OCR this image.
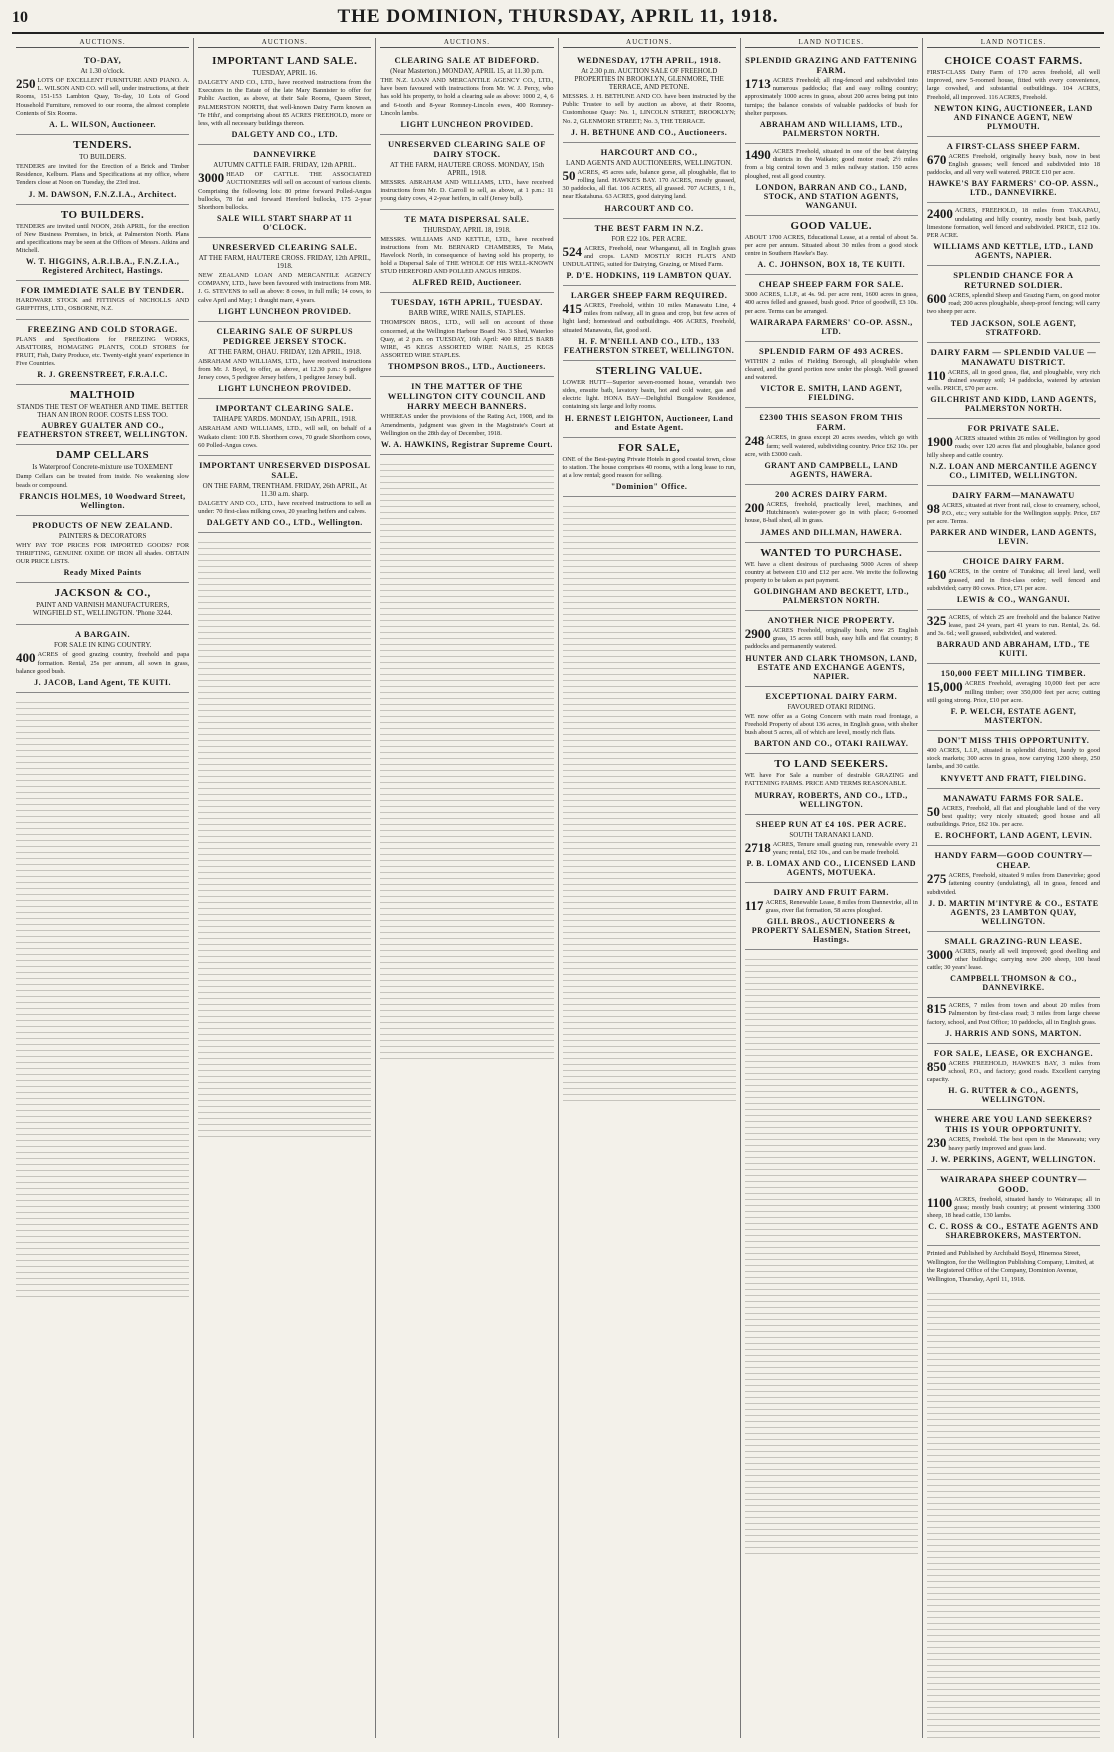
10	THE DOMINION, THURSDAY, APRIL 11, 1918.
AUCTIONS.
TO-DAY,
At 1.30 o'clock.

250 LOTS OF EXCELLENT FURNITURE AND PIANO. A. L. WILSON AND CO. will sell, under instructions, at their Rooms, 151-153 Lambton Quay, To-day, 10 Lots of Good Household Furniture, removed to our rooms, the almost complete Contents of Six Rooms.

A. L. WILSON, Auctioneer.
TENDERS.
TO BUILDERS.

TENDERS are invited for the Erection of a Brick and Timber Residence, Kelburn. Plans and Specifications at my office, where Tenders close at Noon on Tuesday, the 23rd inst.

J. M. DAWSON, F.N.Z.I.A., Architect.
TO BUILDERS.

TENDERS are invited until NOON, 26th APRIL, for the erection of New Business Premises, in brick, at Palmerston North. Plans and specifications may be seen at the Offices of Messrs. Atkins and Mitchell.

W. T. HIGGINS, A.R.I.B.A., F.N.Z.I.A., Registered Architect, Hastings.
FOR IMMEDIATE SALE BY TENDER.

HARDWARE STOCK and FITTINGS of NICHOLLS AND GRIFFITHS, LTD., OSBORNE, N.Z.

FREEZING AND COLD STORAGE.

PLANS and Specifications for FREEZING WORKS, ABATTOIRS, HOMAGING PLANTS, COLD STORES for FRUIT, Fish, Dairy Produce, etc. Twenty-eight years' experience in Five Countries.

R. J. GREENSTREET, F.R.A.I.C.
MALTHOID
STANDS THE TEST OF WEATHER AND TIME. BETTER THAN AN IRON ROOF. COSTS LESS TOO.
AUBREY GUALTER AND CO., FEATHERSTON STREET, WELLINGTON.
DAMP CELLARS
Is Waterproof Concrete-mixture use TOXEMENT

Damp Cellars can be treated from inside. No weakening slow beads or compound.

FRANCIS HOLMES, 10 Woodward Street, Wellington.
PRODUCTS OF NEW ZEALAND.
PAINTERS & DECORATORS

WHY PAY TOP PRICES FOR IMPORTED GOODS? FOR THRIFTING, GENUINE OXIDE OF IRON all shades. OBTAIN OUR PRICE LISTS.

Ready Mixed Paints
JACKSON & CO.,
PAINT AND VARNISH MANUFACTURERS, WINGFIELD ST., WELLINGTON. 'Phone 3244.
A BARGAIN.
FOR SALE IN KING COUNTRY.

400 ACRES of good grazing country, freehold and papa formation. Rental, 25s per annum, all sown in grass, balance good bush.

J. JACOB, Land Agent, TE KUITI.
AUCTIONS.
IMPORTANT LAND SALE.
TUESDAY, APRIL 16.

DALGETY AND CO., LTD., have received instructions from the Executors in the Estate of the late Mary Bannister to offer for Public Auction, as above, at their Sale Rooms, Queen Street, PALMERSTON NORTH, that well-known Dairy Farm known as 'Te Hihi', and comprising about 85 ACRES FREEHOLD, more or less, with all necessary buildings thereon.

DALGETY AND CO., LTD.
DANNEVIRKE
AUTUMN CATTLE FAIR. FRIDAY, 12th APRIL.

3000 HEAD OF CATTLE. THE ASSOCIATED AUCTIONEERS will sell on account of various clients. Comprising the following lots: 80 prime forward Polled-Angus bullocks, 78 fat and forward Hereford bullocks, 175 2-year Shorthorn bullocks.

SALE WILL START SHARP AT 11 O'CLOCK.
UNRESERVED CLEARING SALE.
AT THE FARM, HAUTERE CROSS. FRIDAY, 12th APRIL, 1918.

NEW ZEALAND LOAN AND MERCANTILE AGENCY COMPANY, LTD., have been favoured with instructions from MR. J. G. STEVENS to sell as above: 8 cows, in full milk; 14 cows, to calve April and May; 1 draught mare, 4 years.

LIGHT LUNCHEON PROVIDED.
CLEARING SALE OF SURPLUS PEDIGREE JERSEY STOCK.
AT THE FARM, OHAU. FRIDAY, 12th APRIL, 1918.

ABRAHAM AND WILLIAMS, LTD., have received instructions from Mr. J. Boyd, to offer, as above, at 12.30 p.m.: 6 pedigree Jersey cows, 5 pedigree Jersey heifers, 1 pedigree Jersey bull.

LIGHT LUNCHEON PROVIDED.
IMPORTANT CLEARING SALE.
TAIHAPE YARDS. MONDAY, 15th APRIL, 1918.

ABRAHAM AND WILLIAMS, LTD., will sell, on behalf of a Waikato client: 100 F.B. Shorthorn cows, 70 grade Shorthorn cows, 60 Polled-Angus cows.

IMPORTANT UNRESERVED DISPOSAL SALE.
ON THE FARM, TRENTHAM. FRIDAY, 26th APRIL, At 11.30 a.m. sharp.

DALGETY AND CO., LTD., have received instructions to sell as under: 70 first-class milking cows, 20 yearling heifers and calves.

DALGETY AND CO., LTD., Wellington.
AUCTIONS.
CLEARING SALE AT BIDEFORD.
(Near Masterton.) MONDAY, APRIL 15, at 11.30 p.m.

THE N.Z. LOAN AND MERCANTILE AGENCY CO., LTD., have been favoured with instructions from Mr. W. J. Percy, who has sold his property, to hold a clearing sale as above: 1000 2, 4, 6 and 6-tooth and 8-year Romney-Lincoln ewes, 400 Romney-Lincoln lambs.

LIGHT LUNCHEON PROVIDED.
UNRESERVED CLEARING SALE OF DAIRY STOCK.
AT THE FARM, HAUTERE CROSS. MONDAY, 15th APRIL, 1918.

MESSRS. ABRAHAM AND WILLIAMS, LTD., have received instructions from Mr. D. Carroll to sell, as above, at 1 p.m.: 11 young dairy cows, 4 2-year heifers, in calf (Jersey bull).

TE MATA DISPERSAL SALE.
THURSDAY, APRIL 18, 1918.

MESSRS. WILLIAMS AND KETTLE, LTD., have received instructions from Mr. BERNARD CHAMBERS, Te Mata, Havelock North, in consequence of having sold his property, to hold a Dispersal Sale of THE WHOLE OF HIS WELL-KNOWN STUD HEREFORD AND POLLED ANGUS HERDS.

ALFRED REID, Auctioneer.
TUESDAY, 16TH APRIL, TUESDAY.
BARB WIRE, WIRE NAILS, STAPLES.

THOMPSON BROS., LTD., will sell on account of those concerned, at the Wellington Harbour Board No. 3 Shed, Waterloo Quay, at 2 p.m. on TUESDAY, 16th April: 400 REELS BARB WIRE, 45 KEGS ASSORTED WIRE NAILS, 25 KEGS ASSORTED WIRE STAPLES.

THOMPSON BROS., LTD., Auctioneers.
IN THE MATTER OF THE WELLINGTON CITY COUNCIL AND HARRY MEECH BANNERS.

WHEREAS under the provisions of the Rating Act, 1908, and its Amendments, judgment was given in the Magistrate's Court at Wellington on the 28th day of December, 1918.

W. A. HAWKINS, Registrar Supreme Court.
AUCTIONS.
WEDNESDAY, 17TH APRIL, 1918.
At 2.30 p.m. AUCTION SALE OF FREEHOLD PROPERTIES IN BROOKLYN, GLENMORE, THE TERRACE, AND PETONE.

MESSRS. J. H. BETHUNE AND CO. have been instructed by the Public Trustee to sell by auction as above, at their Rooms, Customhouse Quay: No. 1, LINCOLN STREET, BROOKLYN; No. 2, GLENMORE STREET; No. 3, THE TERRACE.

J. H. BETHUNE AND CO., Auctioneers.
HARCOURT AND CO.,
LAND AGENTS AND AUCTIONEERS, WELLINGTON.

50 ACRES, 45 acres safe, balance gorse, all ploughable, flat to rolling land. HAWKE'S BAY. 170 ACRES, mostly grassed, 30 paddocks, all flat. 106 ACRES, all grassed. 707 ACRES, 1 ft., near Ekatahuna. 63 ACRES, good dairying land.

HARCOURT AND CO.
THE BEST FARM IN N.Z.
FOR £22 10s. PER ACRE.

524 ACRES, Freehold, near Whanganui, all in English grass and crops. LAND MOSTLY RICH FLATS AND UNDULATING, suited for Dairying, Grazing, or Mixed Farm.

P. D'E. HODKINS, 119 LAMBTON QUAY.
LARGER SHEEP FARM REQUIRED.

415 ACRES, Freehold, within 10 miles Manawatu Line, 4 miles from railway, all in grass and crop, but few acres of light land; homestead and outbuildings. 406 ACRES, Freehold, situated Manawatu, flat, good soil.

H. F. M'NEILL AND CO., LTD., 133 FEATHERSTON STREET, WELLINGTON.
STERLING VALUE.

LOWER HUTT—Superior seven-roomed house, verandah two sides, ensuite bath, lavatory basin, hot and cold water, gas and electric light. HONA BAY—Delightful Bungalow Residence, containing six large and lofty rooms.

H. ERNEST LEIGHTON, Auctioneer, Land and Estate Agent.
FOR SALE,

ONE of the Best-paying Private Hotels in good coastal town, close to station. The house comprises 40 rooms, with a long lease to run, at a low rental; good reason for selling.

"Dominion" Office.
LAND NOTICES.
SPLENDID GRAZING AND FATTENING FARM.

1713 ACRES Freehold; all ring-fenced and subdivided into numerous paddocks; flat and easy rolling country; approximately 1000 acres in grass, about 200 acres being put into turnips; the balance consists of valuable paddocks of bush for shelter purposes.

ABRAHAM AND WILLIAMS, LTD., PALMERSTON NORTH.

1490 ACRES Freehold, situated in one of the best dairying districts in the Waikato; good motor road; 2½ miles from a big central town and 3 miles railway station. 150 acres ploughed, rest all good country.

LONDON, BARRAN AND CO., LAND, STOCK, AND STATION AGENTS, WANGANUI.
GOOD VALUE.

ABOUT 1700 ACRES, Educational Lease, at a rental of about 5s. per acre per annum. Situated about 30 miles from a good stock centre in Southern Hawke's Bay.

A. C. JOHNSON, BOX 18, TE KUITI.
CHEAP SHEEP FARM FOR SALE.

3000 ACRES, L.I.P., at 4s. 9d. per acre rent, 1600 acres in grass, 400 acres felled and grassed, bush good. Price of goodwill, £3 10s. per acre. Terms can be arranged.

WAIRARAPA FARMERS' CO-OP. ASSN., LTD.
SPLENDID FARM OF 493 ACRES.

WITHIN 2 miles of Fielding Borough, all ploughable when cleared, and the grand portion now under the plough. Well grassed and watered.

VICTOR E. SMITH, LAND AGENT, FIELDING.
£2300 THIS SEASON FROM THIS FARM.

248 ACRES, in grass except 20 acres swedes, which go with farm; well watered, subdividing country. Price £62 10s. per acre, with £3000 cash.

GRANT AND CAMPBELL, LAND AGENTS, HAWERA.
200 ACRES DAIRY FARM.

200 ACRES, freehold, practically level, machines, and Hutchinson's water-power go in with place; 6-roomed house, 8-bail shed, all in grass.

JAMES AND DILLMAN, HAWERA.
WANTED TO PURCHASE.

WE have a client desirous of purchasing 5000 Acres of sheep country at between £10 and £12 per acre. We invite the following property to be taken as part payment.

GOLDINGHAM AND BECKETT, LTD., PALMERSTON NORTH.
ANOTHER NICE PROPERTY.

2900 ACRES Freehold, originally bush, now 25 English grass, 15 acres still bush, easy hills and flat country; 8 paddocks and permanently watered.

HUNTER AND CLARK THOMSON, LAND, ESTATE AND EXCHANGE AGENTS, NAPIER.
EXCEPTIONAL DAIRY FARM.
FAVOURED OTAKI RIDING.

WE now offer as a Going Concern with main road frontage, a Freehold Property of about 136 acres, in English grass, with shelter bush about 5 acres, all of which are level, mostly rich flats.

BARTON AND CO., OTAKI RAILWAY.
TO LAND SEEKERS.

WE have For Sale a number of desirable GRAZING and FATTENING FARMS. PRICE AND TERMS REASONABLE.

MURRAY, ROBERTS, AND CO., LTD., WELLINGTON.
SHEEP RUN AT £4 10S. PER ACRE.
SOUTH TARANAKI LAND.

2718 ACRES, Tenure small grazing run, renewable every 21 years; rental, £62 10s., and can be made freehold.

P. B. LOMAX AND CO., LICENSED LAND AGENTS, MOTUEKA.
DAIRY AND FRUIT FARM.

117 ACRES, Renewable Lease, 8 miles from Dannevirke, all in grass, river flat formation, 58 acres ploughed.

GILL BROS., AUCTIONEERS & PROPERTY SALESMEN, Station Street, Hastings.
LAND NOTICES.
CHOICE COAST FARMS.

FIRST-CLASS Dairy Farm of 170 acres freehold, all well improved, new 5-roomed house, fitted with every convenience, large cowshed, and substantial outbuildings. 104 ACRES, Freehold, all improved. 116 ACRES, Freehold.

NEWTON KING, AUCTIONEER, LAND AND FINANCE AGENT, NEW PLYMOUTH.
A FIRST-CLASS SHEEP FARM.

670 ACRES Freehold, originally heavy bush, now in best English grasses; well fenced and subdivided into 18 paddocks, and all very well watered. PRICE £10 per acre.

HAWKE'S BAY FARMERS' CO-OP. ASSN., LTD., DANNEVIRKE.

2400 ACRES, FREEHOLD, 18 miles from TAKAPAU, undulating and hilly country, mostly best bush, partly limestone formation, well fenced and subdivided. PRICE, £12 10s. PER ACRE.

WILLIAMS AND KETTLE, LTD., LAND AGENTS, NAPIER.
SPLENDID CHANCE FOR A RETURNED SOLDIER.

600 ACRES, splendid Sheep and Grazing Farm, on good motor road; 200 acres ploughable, sheep-proof fencing; will carry two sheep per acre.

TED JACKSON, SOLE AGENT, STRATFORD.
DAIRY FARM — SPLENDID VALUE — MANAWATU DISTRICT.

110 ACRES, all in good grass, flat, and ploughable, very rich drained swampy soil; 14 paddocks, watered by artesian wells. PRICE, £70 per acre.

GILCHRIST AND KIDD, LAND AGENTS, PALMERSTON NORTH.
FOR PRIVATE SALE.

1900 ACRES situated within 26 miles of Wellington by good roads; over 120 acres flat and ploughable, balance good hilly sheep and cattle country.

N.Z. LOAN AND MERCANTILE AGENCY CO., LIMITED, WELLINGTON.
DAIRY FARM—MANAWATU

98 ACRES, situated at river front rail, close to creamery, school, P.O., etc.; very suitable for the Wellington supply. Price, £67 per acre. Terms.

PARKER AND WINDER, LAND AGENTS, LEVIN.
CHOICE DAIRY FARM.

160 ACRES, in the centre of Turakina; all level land, well grassed, and in first-class order; well fenced and subdivided; carry 80 cows. Price, £71 per acre.

LEWIS & CO., WANGANUI.

325 ACRES, of which 25 are freehold and the balance Native lease, past 24 years, part 41 years to run. Rental, 2s. 6d. and 3s. 6d.; well grassed, subdivided, and watered.

BARRAUD AND ABRAHAM, LTD., TE KUITI.
150,000 FEET MILLING TIMBER.

15,000 ACRES Freehold, averaging 10,000 feet per acre milling timber; over 350,000 feet per acre; cutting still going strong. Price, £10 per acre.

F. P. WELCH, ESTATE AGENT, MASTERTON.
DON'T MISS THIS OPPORTUNITY.

400 ACRES, L.I.P., situated in splendid district, handy to good stock markets; 300 acres in grass, now carrying 1200 sheep, 250 lambs, and 30 cattle.

KNYVETT AND FRATT, FIELDING.
MANAWATU FARMS FOR SALE.

50 ACRES, Freehold, all flat and ploughable land of the very best quality; very nicely situated; good house and all outbuildings. Price, £62 10s. per acre.

E. ROCHFORT, LAND AGENT, LEVIN.
HANDY FARM—GOOD COUNTRY—CHEAP.

275 ACRES, Freehold, situated 9 miles from Danevirke; good fattening country (undulating), all in grass, fenced and subdivided.

J. D. MARTIN M'INTYRE & CO., ESTATE AGENTS, 23 LAMBTON QUAY, WELLINGTON.
SMALL GRAZING-RUN LEASE.

3000 ACRES, nearly all well improved; good dwelling and other buildings; carrying now 200 sheep, 100 head cattle; 30 years' lease.

CAMPBELL THOMSON & CO., DANNEVIRKE.

815 ACRES, 7 miles from town and about 20 miles from Palmerston by first-class road; 3 miles from large cheese factory, school, and Post Office; 10 paddocks, all in English grass.

J. HARRIS AND SONS, MARTON.
FOR SALE, LEASE, OR EXCHANGE.

850 ACRES FREEHOLD, HAWKE'S BAY, 3 miles from school, P.O., and factory; good roads. Excellent carrying capacity.

H. G. RUTTER & CO., AGENTS, WELLINGTON.
WHERE ARE YOU LAND SEEKERS? THIS IS YOUR OPPORTUNITY.

230 ACRES, Freehold. The best open in the Manawatu; very heavy partly improved and grass land.

J. W. PERKINS, AGENT, WELLINGTON.
WAIRARAPA SHEEP COUNTRY—GOOD.

1100 ACRES, freehold, situated handy to Wairarapa; all in grass; mostly bush country; at present wintering 3300 sheep, 18 head cattle, 130 lambs.

C. C. ROSS & CO., ESTATE AGENTS AND SHAREBROKERS, MASTERTON.
Printed and Published by Archibald Boyd, Hinemoa Street, Wellington, for the Wellington Publishing Company, Limited, at the Registered Office of the Company, Dominion Avenue, Wellington, Thursday, April 11, 1918.
